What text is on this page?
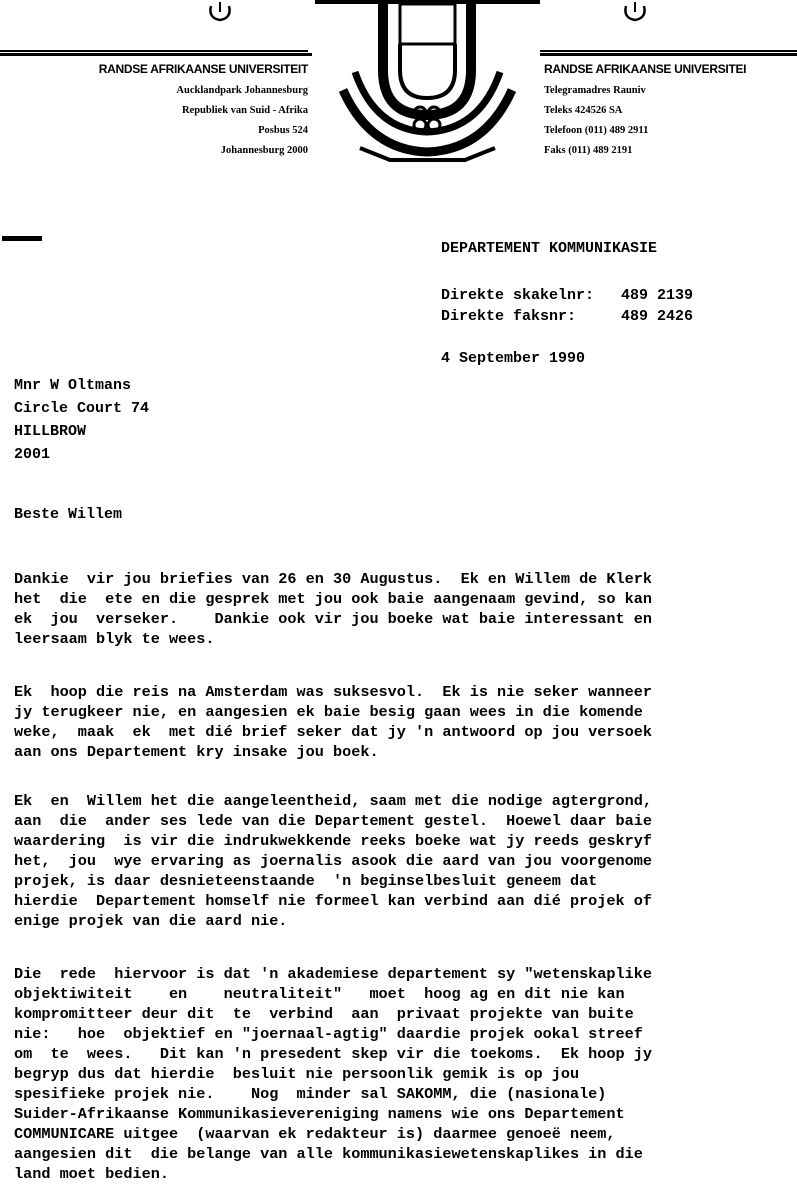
RANDSE AFRIKAANSE UNIVERSITEIT
Aucklandpark Johannesburg
Republiek van Suid - Afrika
Posbus 524
Johannesburg 2000
RANDSE AFRIKAANSE UNIVERSITEI
Telegramadres Rauniv
Teleks 424526 SA
Telefoon (011) 489 2911
Faks (011) 489 2191
DEPARTEMENT KOMMUNIKASIE
Direkte skakelnr: 489 2139
Direkte faksnr:	489 2426
4 September 1990
Mnr W Oltmans
Circle Court 74
HILLBROW
2001
Beste Willem
Dankie  vir jou briefies van 26 en 30 Augustus.  Ek en Willem de Klerk
het  die  ete en die gesprek met jou ook baie aangenaam gevind, so kan
ek  jou  verseker.    Dankie ook vir jou boeke wat baie interessant en
leersaam blyk te wees.
Ek  hoop die reis na Amsterdam was suksesvol.  Ek is nie seker wanneer
jy terugkeer nie, en aangesien ek baie besig gaan wees in die komende
weke,  maak  ek  met dié brief seker dat jy 'n antwoord op jou versoek
aan ons Departement kry insake jou boek.
Ek  en  Willem het die aangeleentheid, saam met die nodige agtergrond,
aan  die  ander ses lede van die Departement gestel.  Hoewel daar baie
waardering  is vir die indrukwekkende reeks boeke wat jy reeds geskryf
het,  jou  wye ervaring as joernalis asook die aard van jou voorgenome
projek, is daar desnieteenstaande  'n beginselbesluit geneem dat
hierdie  Departement homself nie formeel kan verbind aan dié projek of
enige projek van die aard nie.
Die  rede  hiervoor is dat 'n akademiese departement sy "wetenskaplike
objektiwiteit    en    neutraliteit"   moet  hoog ag en dit nie kan
kompromitteer deur dit  te  verbind  aan  privaat projekte van buite
nie:   hoe  objektief en "joernaal-agtig" daardie projek ookal streef
om  te  wees.   Dit kan 'n presedent skep vir die toekoms.  Ek hoop jy
begryp dus dat hierdie  besluit nie persoonlik gemik is op jou
spesifieke projek nie.    Nog  minder sal SAKOMM, die (nasionale)
Suider-Afrikaanse Kommunikasievereniging namens wie ons Departement
COMMUNICARE uitgee  (waarvan ek redakteur is) daarmee genoeë neem,
aangesien dit  die belange van alle kommunikasiewetenskaplikes in die
land moet bedien.
